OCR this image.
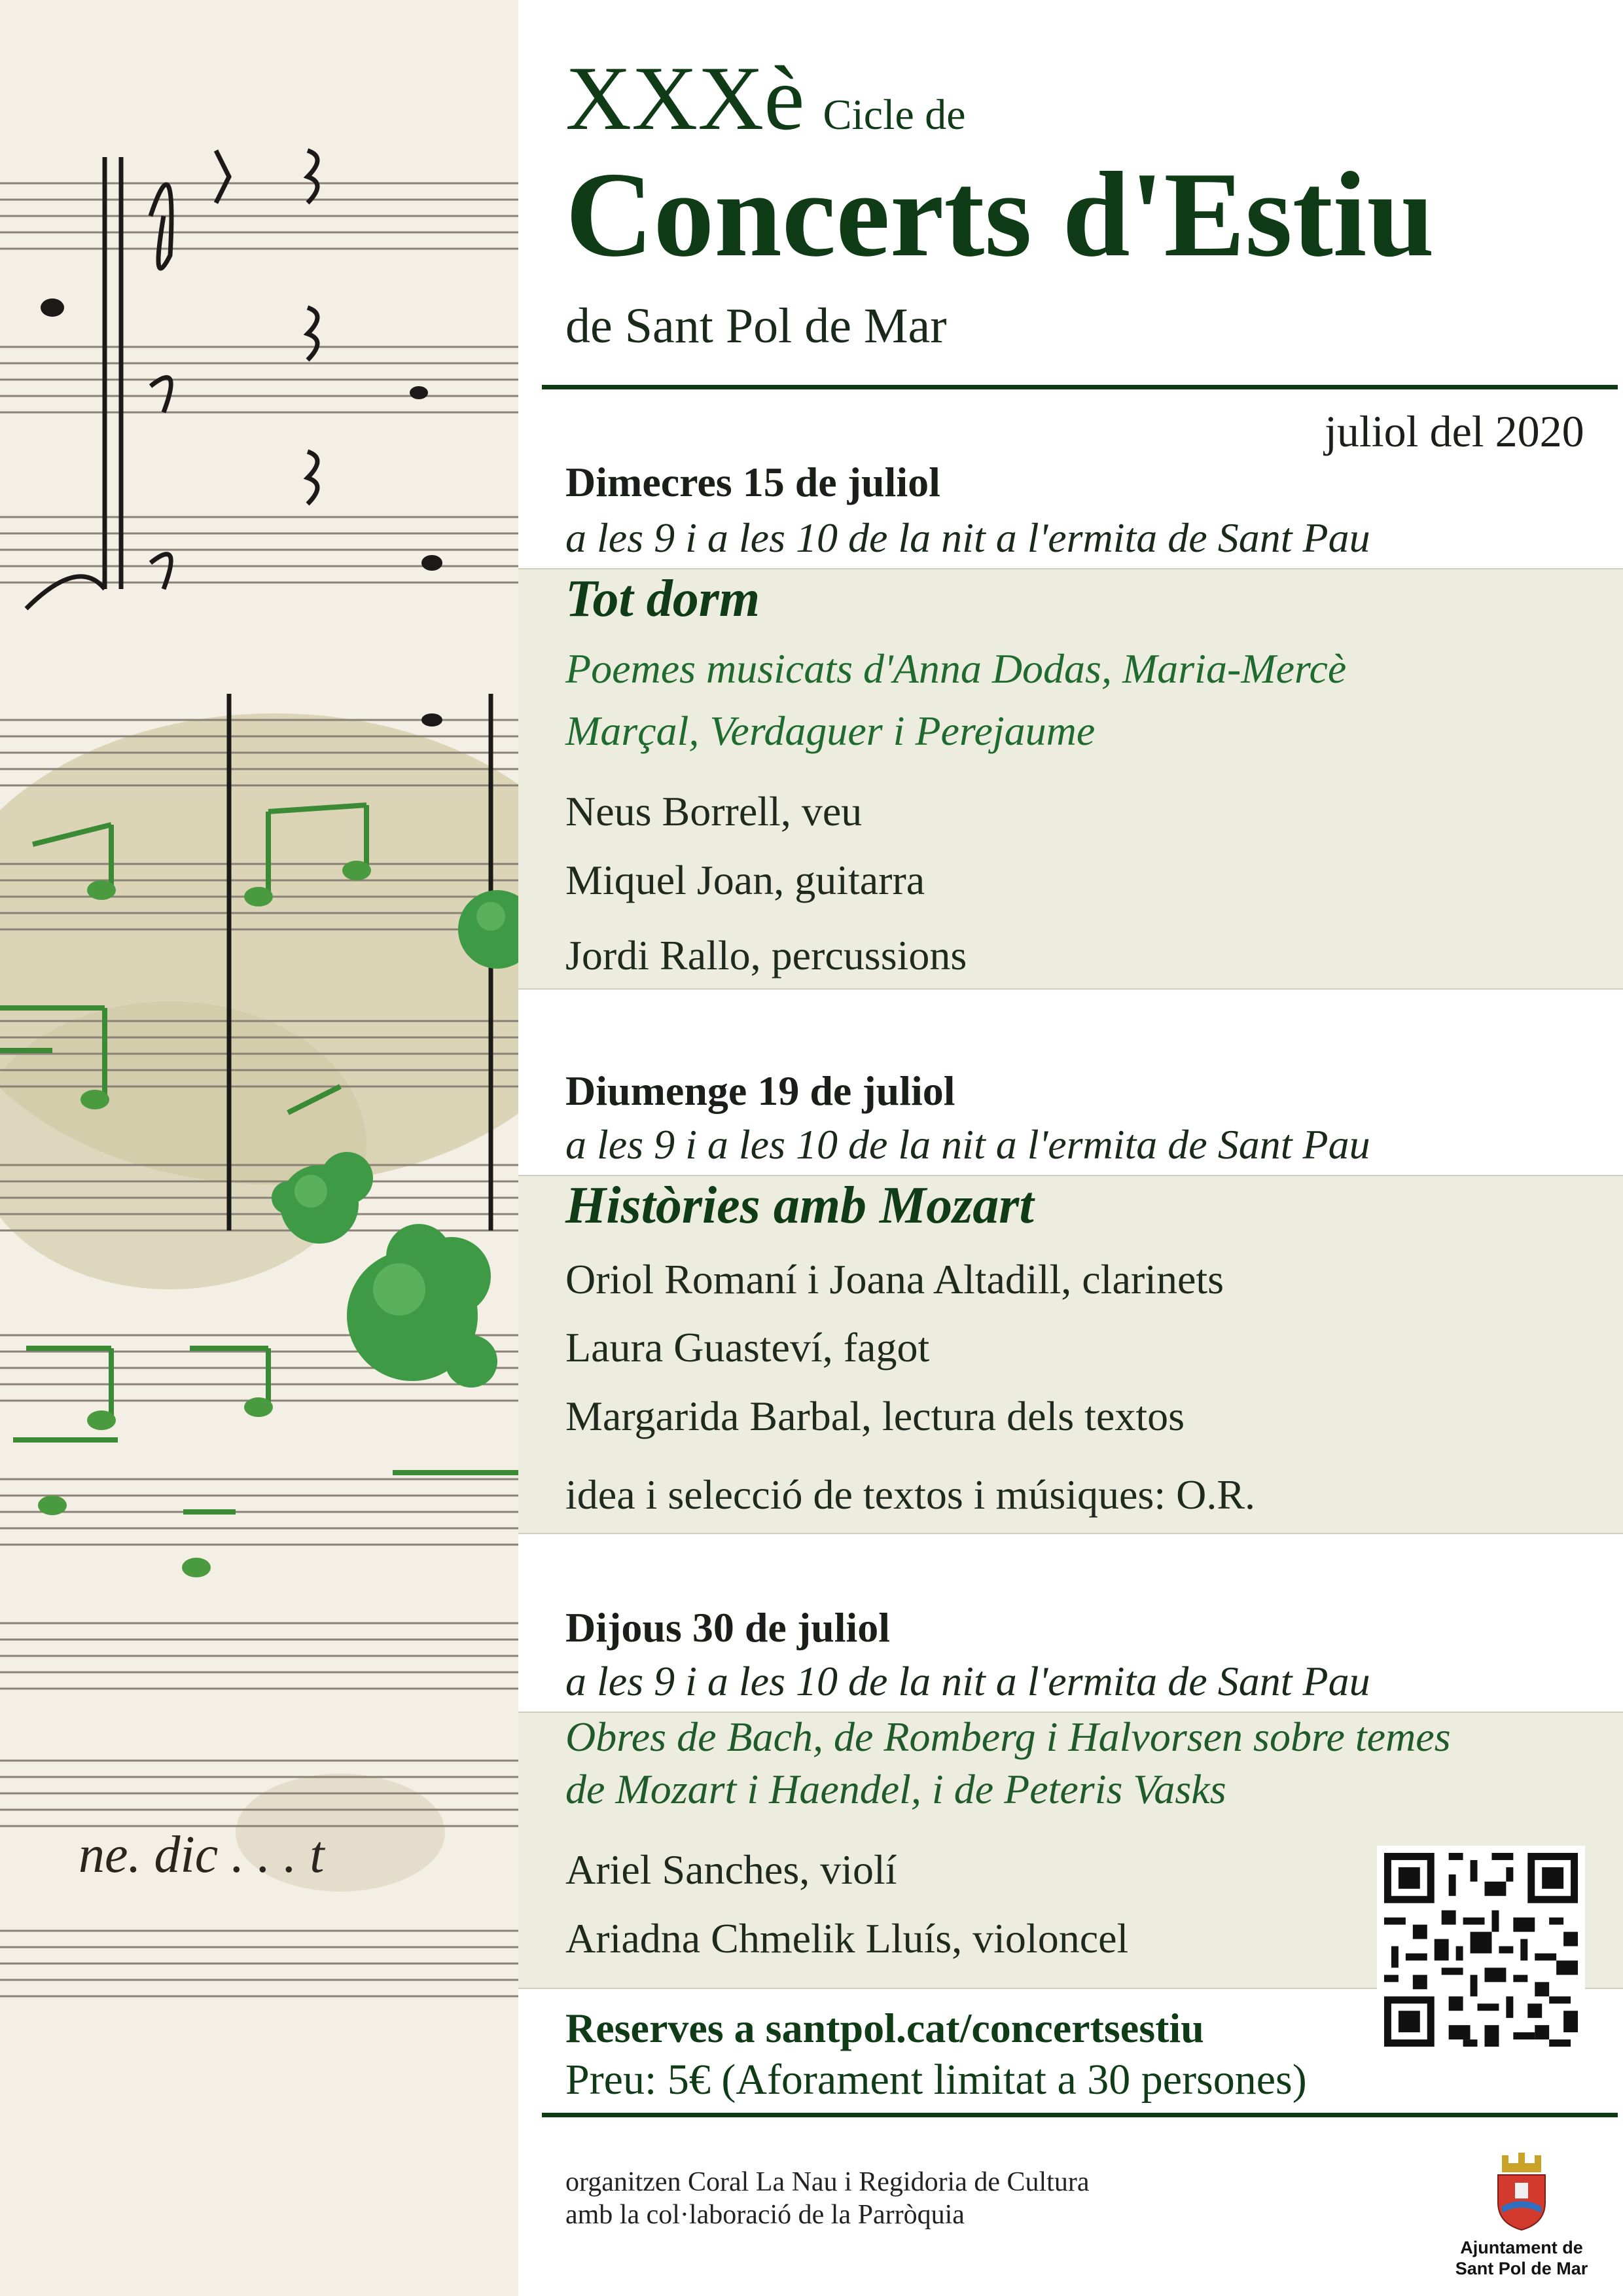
ne. dic . . . t
XXXè Cicle de
Concerts d'Estiu
de Sant Pol de Mar
juliol del 2020
Dimecres 15 de juliol
a les 9 i a les 10 de la nit a l'ermita de Sant Pau
Tot dorm
Poemes musicats d'Anna Dodas, Maria-Mercè
Marçal, Verdaguer i Perejaume
Neus Borrell, veu
Miquel Joan, guitarra
Jordi Rallo, percussions
Diumenge 19 de juliol
a les 9 i a les 10 de la nit a l'ermita de Sant Pau
Històries amb Mozart
Oriol Romaní i Joana Altadill, clarinets
Laura Guasteví, fagot
Margarida Barbal, lectura dels textos
idea i selecció de textos i músiques: O.R.
Dijous 30 de juliol
a les 9 i a les 10 de la nit a l'ermita de Sant Pau
Obres de Bach, de Romberg i Halvorsen sobre temes
de Mozart i Haendel, i de Peteris Vasks
Ariel Sanches, violí
Ariadna Chmelik Lluís, violoncel
Reserves a santpol.cat/concertsestiu
Preu: 5€ (Aforament limitat a 30 persones)
organitzen Coral La Nau i Regidoria de Cultura
amb la col·laboració de la Parròquia
Ajuntament de
Sant Pol de Mar
